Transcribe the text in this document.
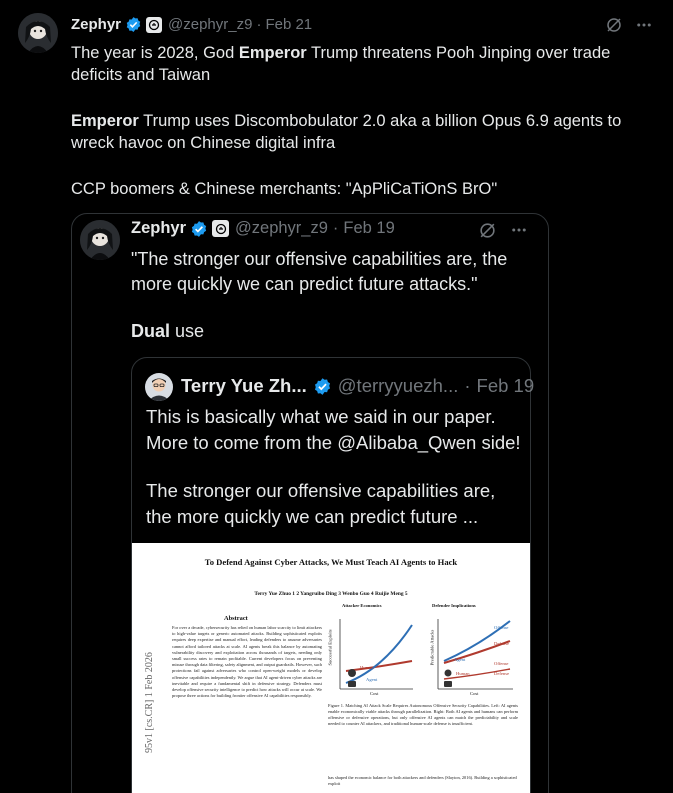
Zephyr	@zephyr_z9 · Feb 21
The year is 2028, God Emperor Trump threatens Pooh Jinping over trade
deficits and Taiwan
Emperor Trump uses Discombobulator 2.0 aka a billion Opus 6.9 agents to
wreck havoc on Chinese digital infra
CCP boomers & Chinese merchants: "ApPliCaTiOnS BrO"
Zephyr	@zephyr_z9 · Feb 19
"The stronger our offensive capabilities are, the
more quickly we can predict future attacks."
Dual use
Terry Yue Zh... @terryyuezh... · Feb 19
This is basically what we said in our paper.
More to come from the @Alibaba_Qwen side!
The stronger our offensive capabilities are,
the more quickly we can predict future ...
To Defend Against Cyber Attacks, We Must Teach AI Agents to Hack
Terry Yue Zhuo 1 2 Yangruibo Ding 3 Wenbo Guo 4 Ruijie Meng 5
95v1 [cs.CR] 1 Feb 2026
Abstract
For over a decade, cybersecurity has relied on human labor scarcity to limit attackers to high-value targets or generic automated attacks. Building sophisticated exploits requires deep expertise and manual effort, leading defenders to assume adversaries cannot afford tailored attacks at scale. AI agents break this balance by automating vulnerability discovery and exploitation across thousands of targets, needing only small success rates to remain profitable. Current developers focus on preventing misuse through data filtering, safety alignment, and output guardrails. However, such protections fail against adversaries who control open-weight models or develop offensive capabilities independently. We argue that AI agent-driven cyber attacks are inevitable and require a fundamental shift in defensive strategy. Defenders must develop offensive security intelligence to predict how attacks will occur at scale. We propose three actions for building frontier offensive AI capabilities responsibly.
Attacker Economics	Defender Implications
Successful Exploits	Predictable Attacks
Cost	Cost
Human
Agent
Agent
Human
Offense
Defense
Offense
Defense
Figure 1. Matching AI Attack Scale Requires Autonomous Offensive Security Capabilities. Left: AI agents enable economically viable attacks through parallelization. Right: Both AI agents and humans can perform offensive or defensive operations, but only offensive AI agents can match the predictability and scale needed to counter AI attackers, and traditional human-scale defense is insufficient.
has shaped the economic balance for both attackers and defenders (Slayton, 2016). Building a sophisticated exploit
